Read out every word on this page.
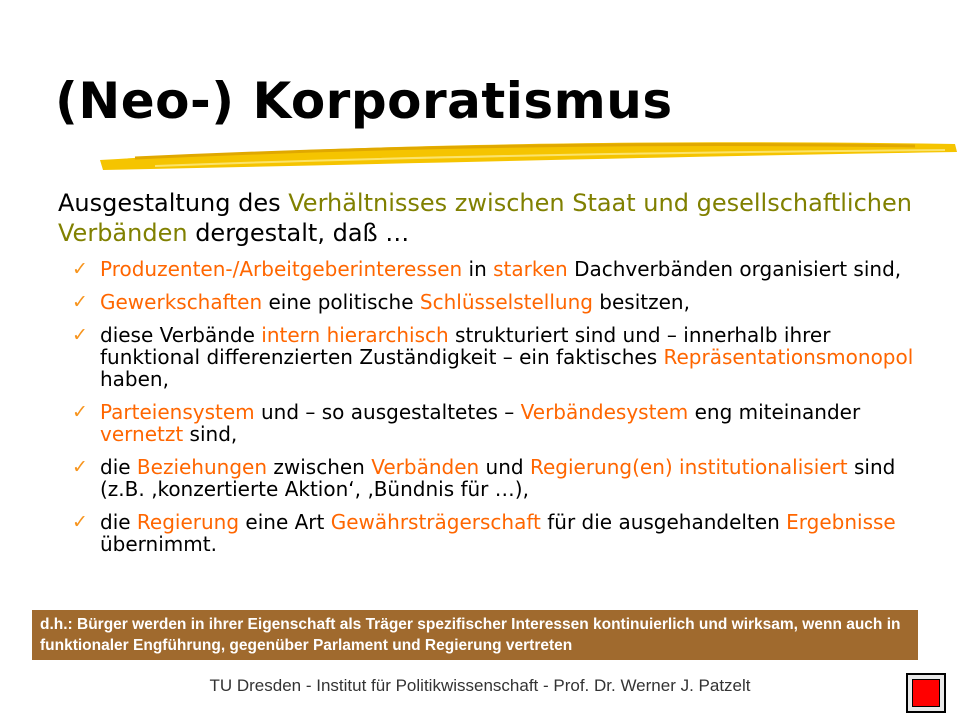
(Neo-) Korporatismus
Ausgestaltung des Verhältnisses zwischen Staat und gesellschaftlichen Verbänden dergestalt, daß …
✓ Produzenten-/Arbeitgeberinteressen in starken Dachverbänden organisiert sind,
✓ Gewerkschaften eine politische Schlüsselstellung besitzen,
✓ diese Verbände intern hierarchisch strukturiert sind und – innerhalb ihrer funktional differenzierten Zuständigkeit – ein faktisches Repräsentationsmonopol haben,
✓ Parteiensystem und – so ausgestaltetes – Verbändesystem eng miteinander vernetzt sind,
✓ die Beziehungen zwischen Verbänden und Regierung(en) institutionalisiert sind (z.B. ‚konzertierte Aktion‘, ‚Bündnis für …),
✓ die Regierung eine Art Gewährsträgerschaft für die ausgehandelten Ergebnisse übernimmt.
d.h.: Bürger werden in ihrer Eigenschaft als Träger spezifischer Interessen kontinuierlich und wirksam, wenn auch in funktionaler Engführung, gegenüber Parlament und Regierung vertreten
TU Dresden - Institut für Politikwissenschaft - Prof. Dr. Werner J. Patzelt
